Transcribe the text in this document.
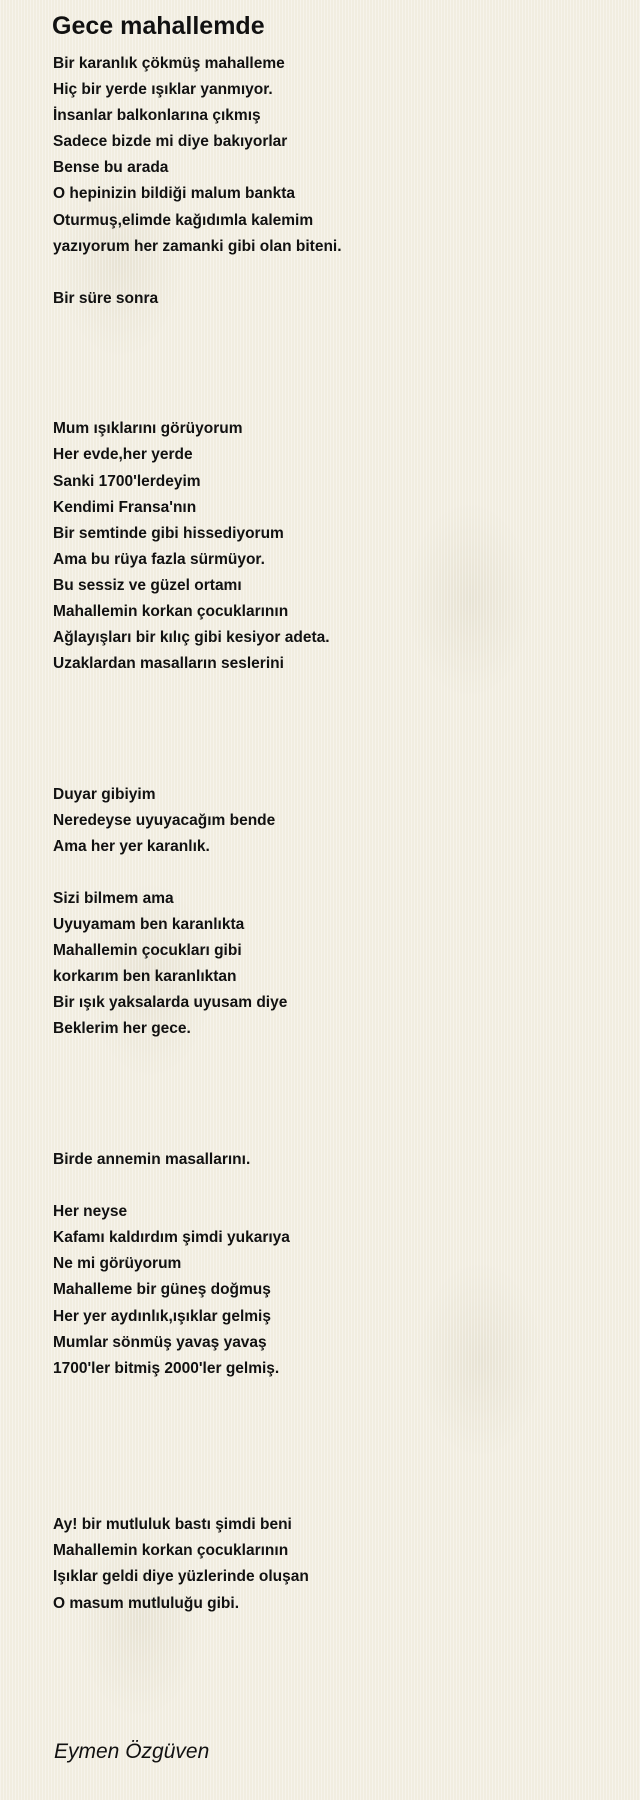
Gece mahallemde
Bir karanlık çökmüş mahalleme
Hiç bir yerde ışıklar yanmıyor.
İnsanlar balkonlarına çıkmış
Sadece bizde mi diye bakıyorlar
Bense bu arada
O hepinizin bildiği malum bankta
Oturmuş,elimde kağıdımla kalemim
yazıyorum her zamanki gibi olan biteni.
Bir süre sonra
Mum ışıklarını görüyorum
Her evde,her yerde
Sanki 1700'lerdeyim
Kendimi Fransa'nın
Bir semtinde gibi hissediyorum
Ama bu rüya fazla sürmüyor.
Bu sessiz ve güzel ortamı
Mahallemin korkan çocuklarının
Ağlayışları bir kılıç gibi kesiyor adeta.
Uzaklardan masalların seslerini
Duyar gibiyim
Neredeyse uyuyacağım bende
Ama her yer karanlık.
Sizi bilmem ama
Uyuyamam ben karanlıkta
Mahallemin çocukları gibi
korkarım ben karanlıktan
Bir ışık yaksalarda uyusam diye
Beklerim her gece.
Birde annemin masallarını.
Her neyse
Kafamı kaldırdım şimdi yukarıya
Ne mi görüyorum
Mahalleme bir güneş doğmuş
Her yer aydınlık,ışıklar gelmiş
Mumlar sönmüş yavaş yavaş
1700'ler bitmiş 2000'ler gelmiş.
Ay! bir mutluluk bastı şimdi beni
Mahallemin korkan çocuklarının
Işıklar geldi diye yüzlerinde oluşan
O masum mutluluğu gibi.
Eymen Özgüven
